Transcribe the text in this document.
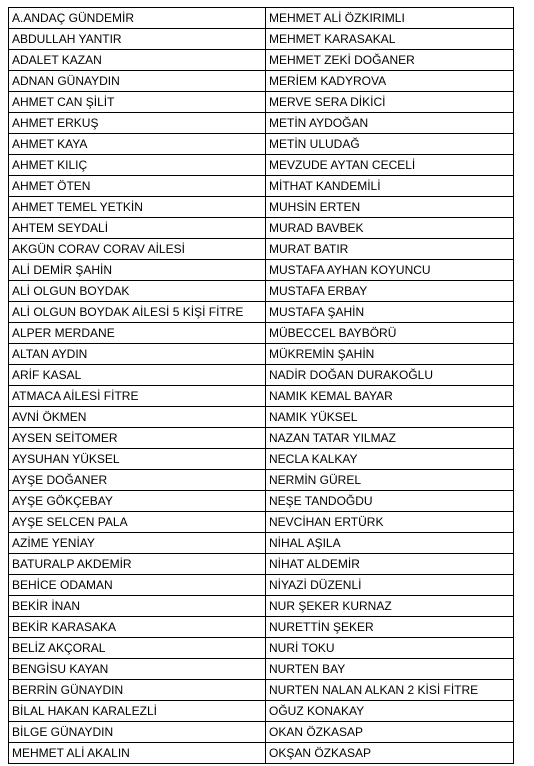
A.ANDAÇ GÜNDEMİR	MEHMET ALİ ÖZKIRIMLI
ABDULLAH YANTIR	MEHMET KARASAKAL
ADALET KAZAN	MEHMET ZEKİ DOĞANER
ADNAN GÜNAYDIN	MERİEM KADYROVA
AHMET CAN ŞİLİT	MERVE SERA DİKİCİ
AHMET ERKUŞ	METİN AYDOĞAN
AHMET KAYA	METİN ULUDAĞ
AHMET KILIÇ	MEVZUDE AYTAN CECELİ
AHMET ÖTEN	MİTHAT KANDEMİLİ
AHMET TEMEL YETKİN	MUHSİN ERTEN
AHTEM SEYDALİ	MURAD BAVBEK
AKGÜN CORAV CORAV AİLESİ	MURAT BATIR
ALİ DEMİR ŞAHİN	MUSTAFA AYHAN KOYUNCU
ALİ OLGUN BOYDAK	MUSTAFA ERBAY
ALİ OLGUN BOYDAK AİLESİ 5 KİŞİ FİTRE	MUSTAFA ŞAHİN
ALPER MERDANE	MÜBECCEL BAYBÖRÜ
ALTAN AYDIN	MÜKREMİN ŞAHİN
ARİF KASAL	NADİR DOĞAN DURAKOĞLU
ATMACA AİLESİ FİTRE	NAMIK KEMAL BAYAR
AVNİ ÖKMEN	NAMIK YÜKSEL
AYSEN SEİTOMER	NAZAN TATAR YILMAZ
AYSUHAN YÜKSEL	NECLA KALKAY
AYŞE DOĞANER	NERMİN GÜREL
AYŞE GÖKÇEBAY	NEŞE TANDOĞDU
AYŞE SELCEN PALA	NEVCİHAN ERTÜRK
AZİME YENİAY	NİHAL AŞILA
BATURALP AKDEMİR	NİHAT ALDEMİR
BEHİCE ODAMAN	NİYAZİ DÜZENLİ
BEKİR İNAN	NUR ŞEKER KURNAZ
BEKİR KARASAKA	NURETTİN ŞEKER
BELİZ AKÇORAL	NURİ TOKU
BENGİSU KAYAN	NURTEN BAY
BERRİN GÜNAYDIN	NURTEN NALAN ALKAN 2 KİSİ FİTRE
BİLAL HAKAN KARALEZLİ	OĞUZ KONAKAY
BİLGE GÜNAYDIN	OKAN ÖZKASAP
MEHMET ALİ AKALIN	OKŞAN ÖZKASAP
